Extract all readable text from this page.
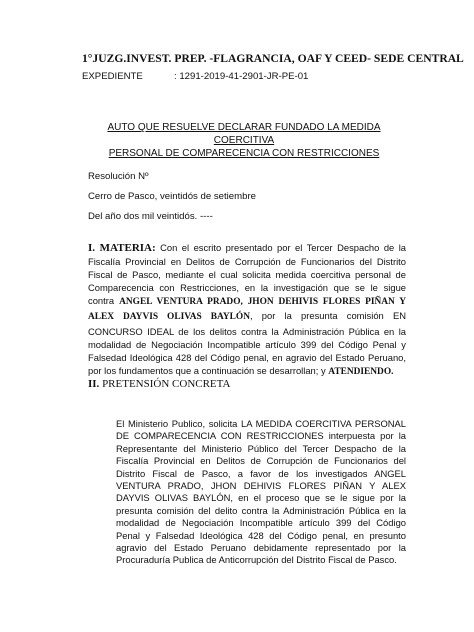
1°JUZG.INVEST. PREP. -FLAGRANCIA, OAF Y CEED- SEDE CENTRAL
EXPEDIENTE	: 1291-2019-41-2901-JR-PE-01
AUTO QUE RESUELVE DECLARAR FUNDADO LA MEDIDA COERCITIVA
PERSONAL DE COMPARECENCIA CON RESTRICCIONES
Resolución Nº
Cerro de Pasco, veintidós de setiembre
Del año dos mil veintidós. ----
I. MATERIA: Con el escrito presentado por el Tercer Despacho de la Fiscalía Provincial en Delitos de Corrupción de Funcionarios del Distrito Fiscal de Pasco, mediante el cual solicita medida coercitiva personal de Comparecencia con Restricciones, en la investigación que se le sigue contra ANGEL VENTURA PRADO, JHON DEHIVIS FLORES PIÑAN Y ALEX DAYVIS OLIVAS BAYLÓN, por la presunta comisión EN CONCURSO IDEAL de los delitos contra la Administración Pública en la modalidad de Negociación Incompatible artículo 399 del Código Penal y Falsedad Ideológica 428 del Código penal, en agravio del Estado Peruano, por los fundamentos que a continuación se desarrollan; y ATENDIENDO.
II. PRETENSIÓN CONCRETA
El Ministerio Publico, solicita LA MEDIDA COERCITIVA PERSONAL DE COMPARECENCIA CON RESTRICCIONES interpuesta por la Representante del Ministerio Público del Tercer Despacho de la Fiscalía Provincial en Delitos de Corrupción de Funcionarios del Distrito Fiscal de Pasco, a favor de los investigados ANGEL VENTURA PRADO, JHON DEHIVIS FLORES PIÑAN Y ALEX DAYVIS OLIVAS BAYLÓN, en el proceso que se le sigue por la presunta comisión del delito contra la Administración Pública en la modalidad de Negociación Incompatible artículo 399 del Código Penal y Falsedad Ideológica 428 del Código penal, en presunto agravio del Estado Peruano debidamente representado por la Procuraduría Publica de Anticorrupción del Distrito Fiscal de Pasco.
